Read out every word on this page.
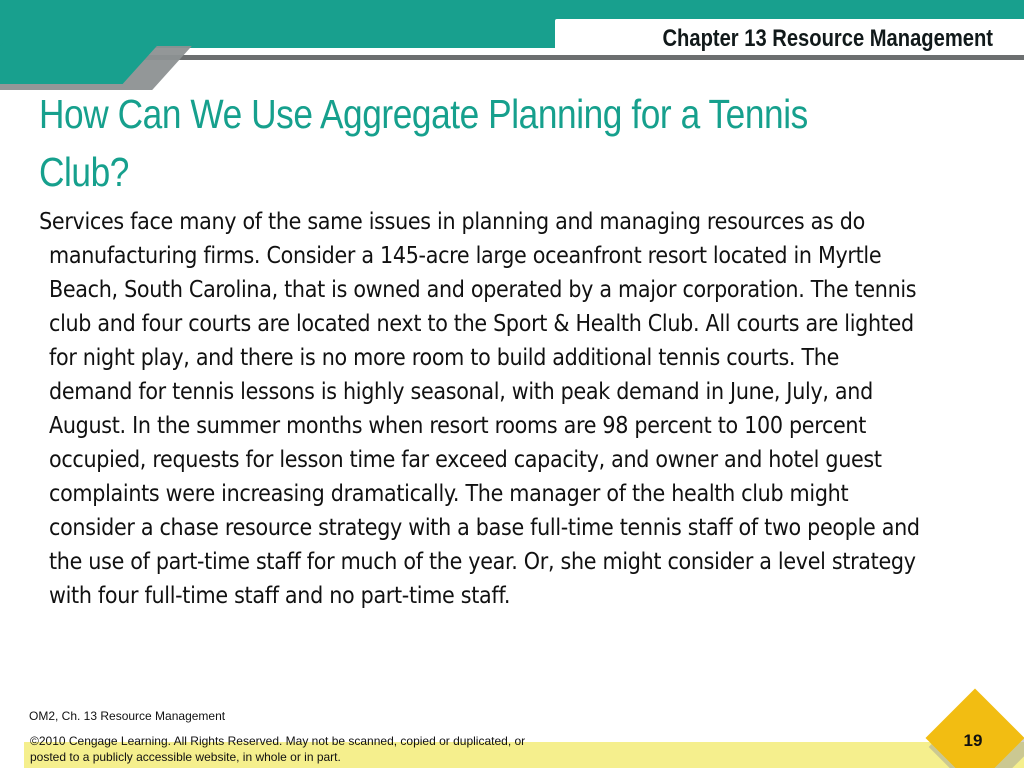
Chapter 13 Resource Management
How Can We Use Aggregate Planning for a Tennis
Club?

Services face many of the same issues in planning and managing resources as do manufacturing firms. Consider a 145-acre large oceanfront resort located in Myrtle Beach, South Carolina, that is owned and operated by a major corporation. The tennis club and four courts are located next to the Sport & Health Club. All courts are lighted for night play, and there is no more room to build additional tennis courts. The demand for tennis lessons is highly seasonal, with peak demand in June, July, and August. In the summer months when resort rooms are 98 percent to 100 percent occupied, requests for lesson time far exceed capacity, and owner and hotel guest complaints were increasing dramatically. The manager of the health club might consider a chase resource strategy with a base full-time tennis staff of two people and the use of part-time staff for much of the year. Or, she might consider a level strategy with four full-time staff and no part-time staff.

OM2, Ch. 13 Resource Management

©2010 Cengage Learning. All Rights Reserved. May not be scanned, copied or duplicated, or
posted to a publicly accessible website, in whole or in part.

19
